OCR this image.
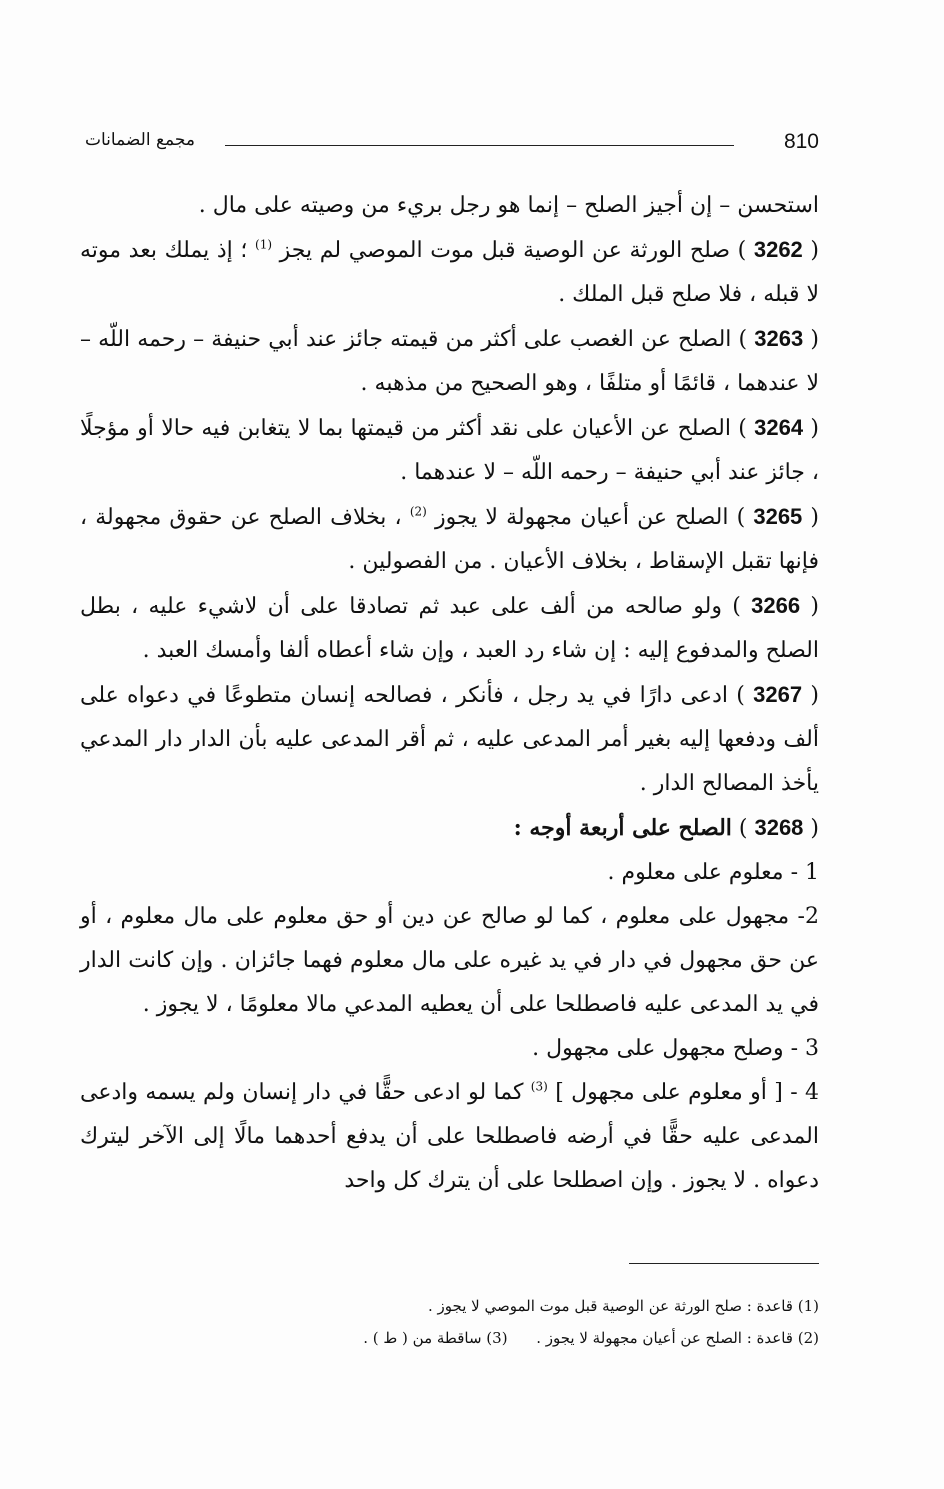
810
مجمع الضمانات

استحسن – إن أجيز الصلح – إنما هو رجل بريء من وصيته على مال .

( 3262 ) صلح الورثة عن الوصية قبل موت الموصي لم يجز $^{(1)}$ ؛ إذ يملك بعد موته لا قبله ، فلا صلح قبل الملك .

( 3263 ) الصلح عن الغصب على أكثر من قيمته جائز عند أبي حنيفة – رحمه اللّه – لا عندهما ، قائمًا أو متلفًا ، وهو الصحيح من مذهبه .

( 3264 ) الصلح عن الأعيان على نقد أكثر من قيمتها بما لا يتغابن فيه حالا أو مؤجلًا ، جائز عند أبي حنيفة – رحمه اللّه – لا عندهما .

( 3265 ) الصلح عن أعيان مجهولة لا يجوز $^{(2)}$ ، بخلاف الصلح عن حقوق مجهولة ، فإنها تقبل الإسقاط ، بخلاف الأعيان . من الفصولين .

( 3266 ) ولو صالحه من ألف على عبد ثم تصادقا على أن لاشيء عليه ، بطل الصلح والمدفوع إليه : إن شاء رد العبد ، وإن شاء أعطاه ألفا وأمسك العبد .

( 3267 ) ادعى دارًا في يد رجل ، فأنكر ، فصالحه إنسان متطوعًا في دعواه على ألف ودفعها إليه بغير أمر المدعى عليه ، ثم أقر المدعى عليه بأن الدار دار المدعي يأخذ المصالح الدار .

( 3268 ) الصلح على أربعة أوجه :

1 - معلوم على معلوم .

2- مجهول على معلوم ، كما لو صالح عن دين أو حق معلوم على مال معلوم ، أو عن حق مجهول في دار في يد غيره على مال معلوم فهما جائزان . وإن كانت الدار في يد المدعى عليه فاصطلحا على أن يعطيه المدعي مالا معلومًا ، لا يجوز .

3 - وصلح مجهول على مجهول .

4 - [ أو معلوم على مجهول ] $^{(3)}$ كما لو ادعى حقًّا في دار إنسان ولم يسمه وادعى المدعى عليه حقًّا في أرضه فاصطلحا على أن يدفع أحدهما مالًا إلى الآخر ليترك دعواه . لا يجوز . وإن اصطلحا على أن يترك كل واحد

(1) قاعدة : صلح الورثة عن الوصية قبل موت الموصي لا يجوز .

(2) قاعدة : الصلح عن أعيان مجهولة لا يجوز .      (3) ساقطة من ( ط ) .
